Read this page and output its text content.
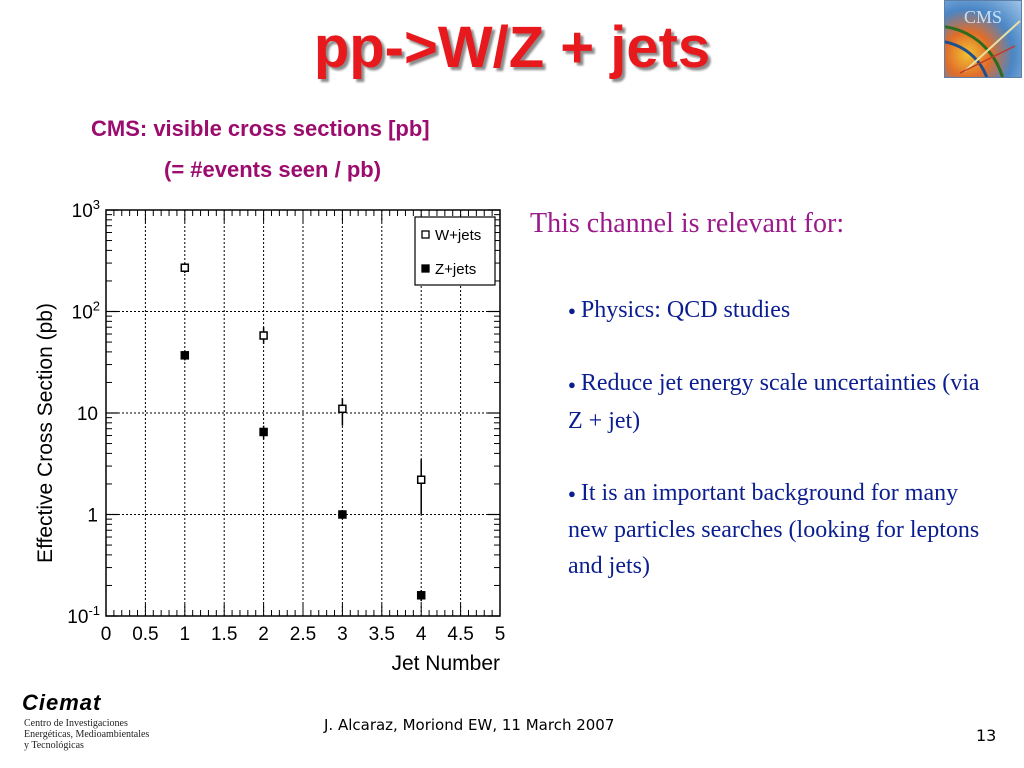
pp->W/Z + jets	CMS
CMS: visible cross sections [pb]
(= #events seen / pb)
0 0.5 1 1.5 2 2.5 3 3.5 4 4.5 5
$10^{-1}$
1
10
$10^2$
$10^3$
Jet Number
Effective Cross Section (pb)
W+jets
Z+jets
This channel is relevant for:
● Physics: QCD studies
● Reduce jet energy scale uncertainties (via Z + jet)
● It is an important background for many new particles searches (looking for leptons and jets)
Ciemat
Centro de Investigaciones
Energéticas, Medioambientales
y Tecnológicas
J. Alcaraz, Moriond EW, 11 March 2007
13
